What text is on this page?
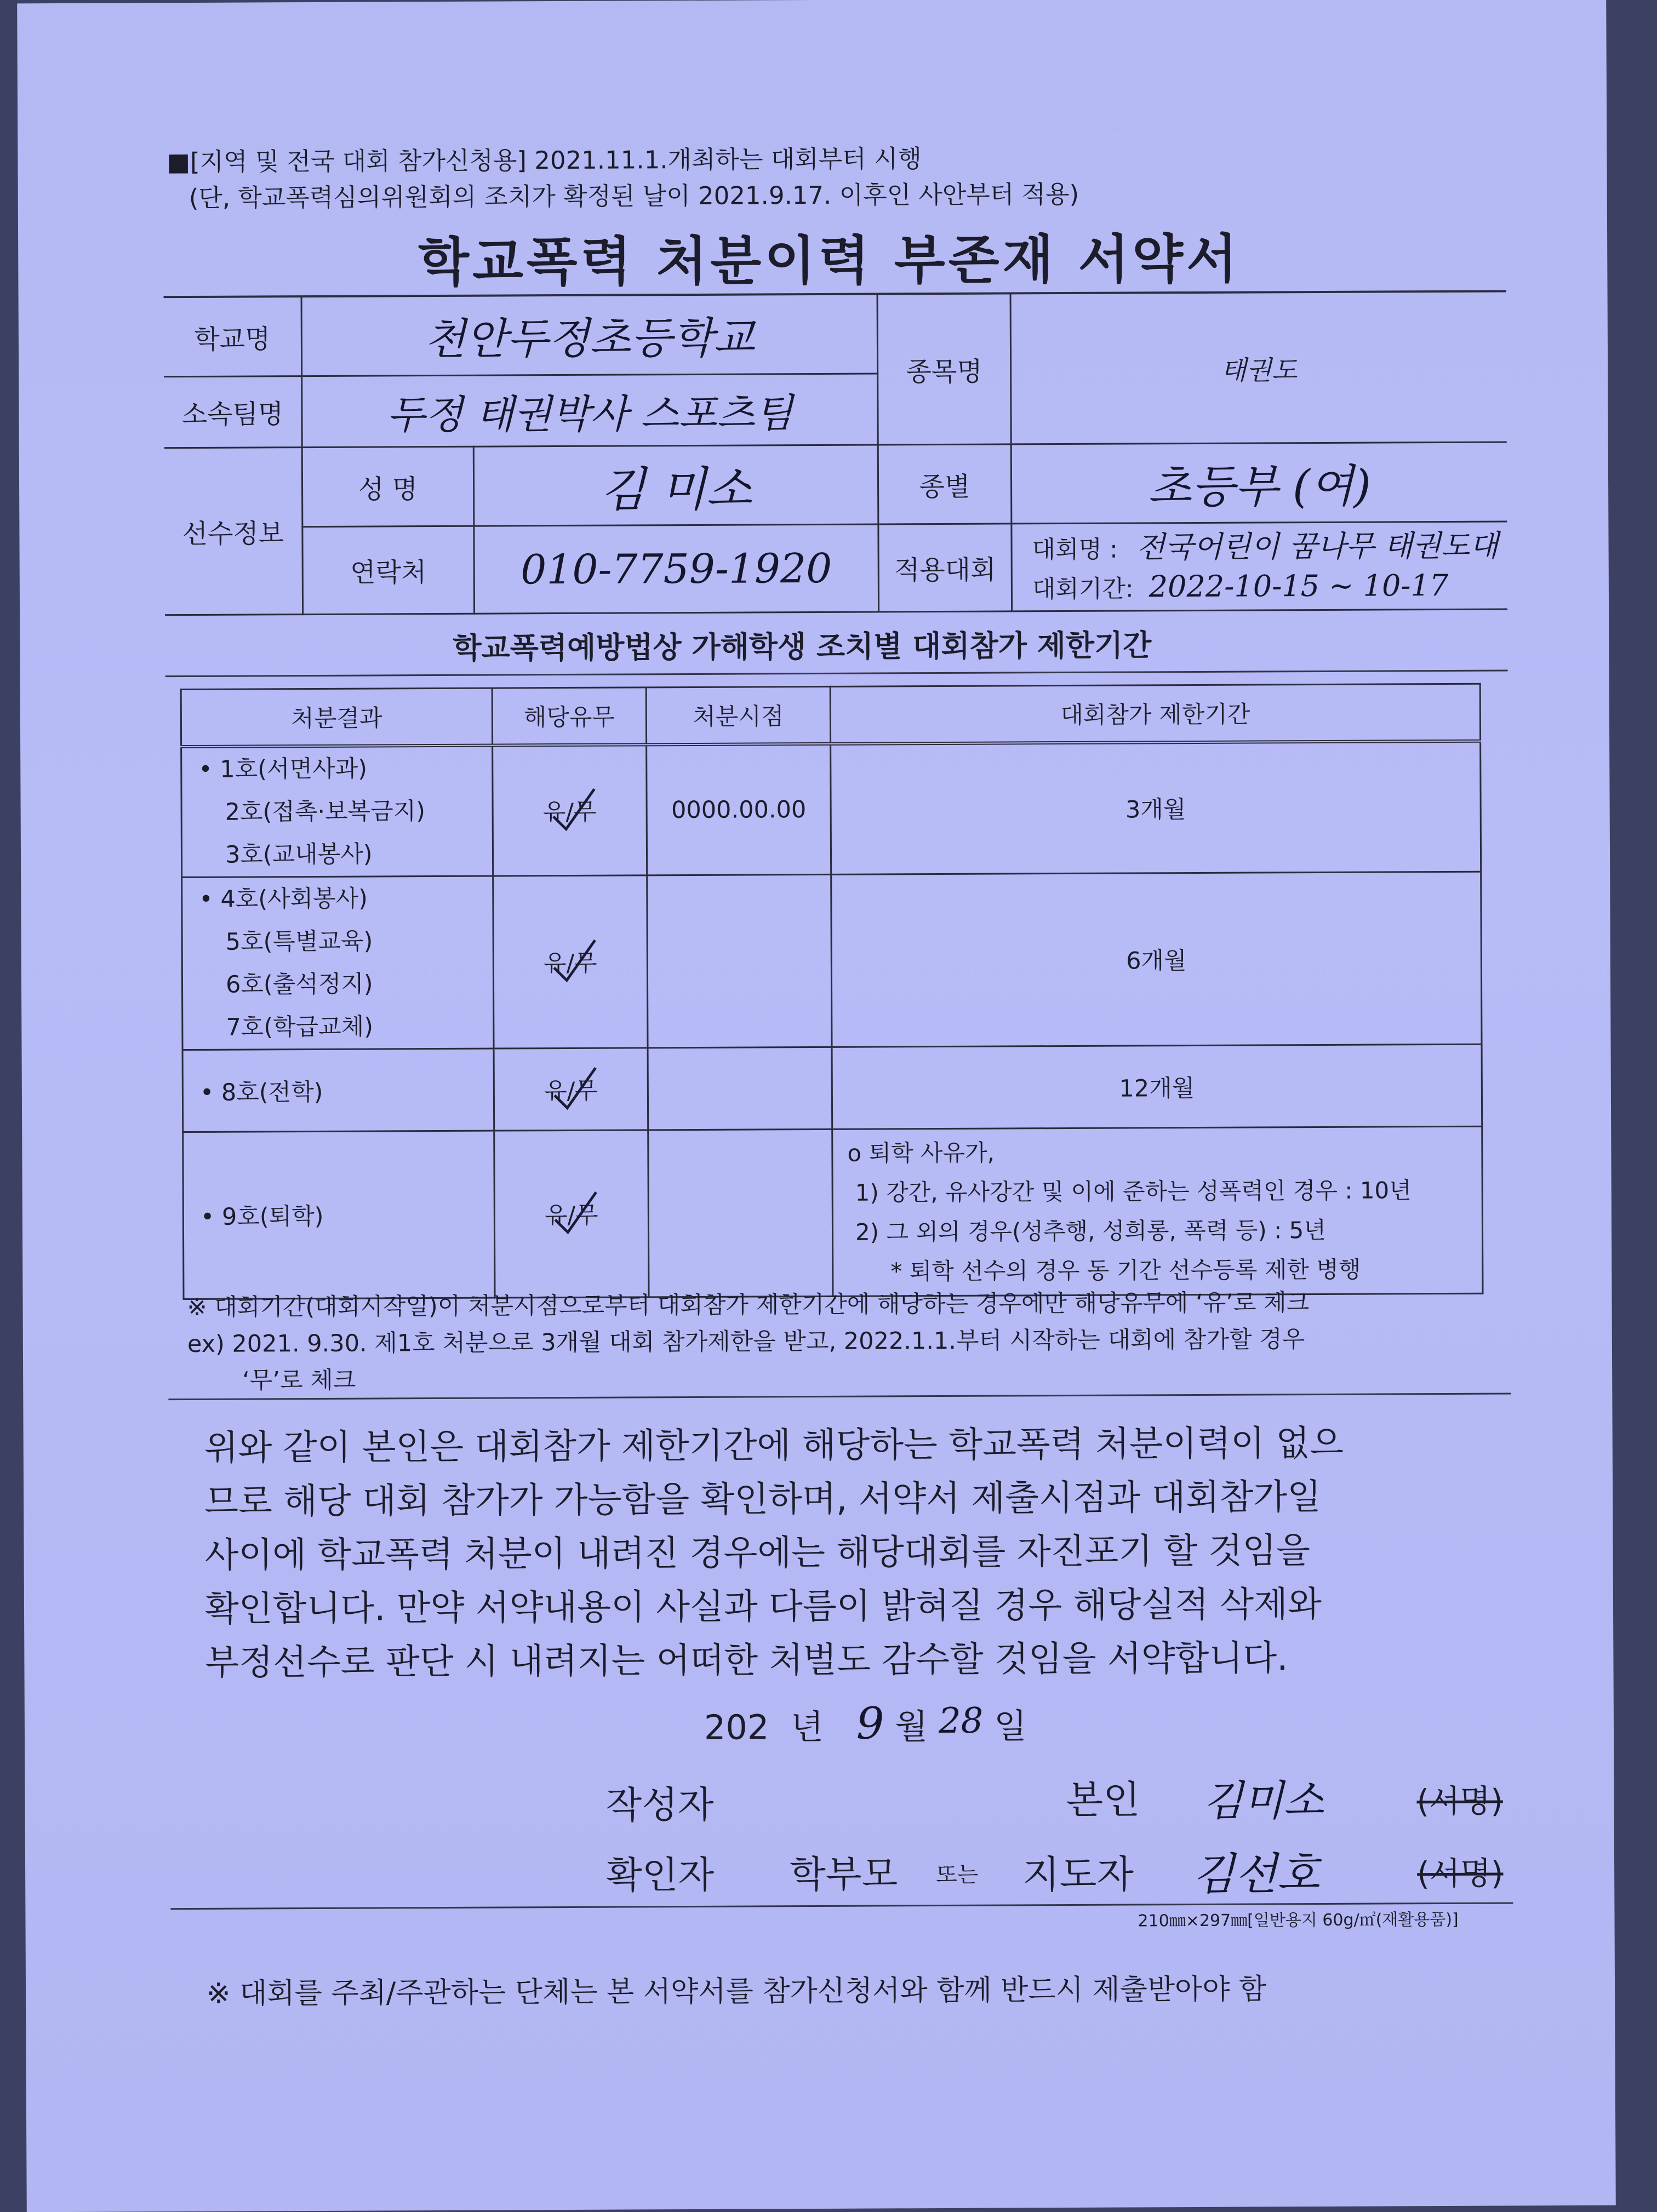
■[지역 및 전국 대회 참가신청용] 2021.11.1.개최하는 대회부터 시행
(단, 학교폭력심의위원회의 조치가 확정된 날이 2021.9.17. 이후인 사안부터 적용)
학교폭력 처분이력 부존재 서약서
학교명	천안두정초등학교		종목명	태권도
소속팀명	두정 태권박사 스포츠팀			
선수정보	성 명	김 미소	종별	초등부 (여)
	연락처	010-7759-1920	적용대회	대회명 : 전국어린이 꿈나무 태권도대회
대회기간: 2022-10-15 ~ 10-17
학교폭력예방법상 가해학생 조치별 대회참가 제한기간
처분결과	해당유무	처분시점	대회참가 제한기간

• 1호(서면사과)
2호(접촉·보복금지)
3호(교내봉사)	유/무	0000.00.00	3개월

• 4호(사회봉사)
5호(특별교육)
6호(출석정지)
7호(학급교체)	유/무		6개월

• 8호(전학)	유/무		12개월

• 9호(퇴학)	유/무		o 퇴학 사유가,
1) 강간, 유사강간 및 이에 준하는 성폭력인 경우 : 10년
2) 그 외의 경우(성추행, 성희롱, 폭력 등) : 5년
* 퇴학 선수의 경우 동 기간 선수등록 제한 병행
※ 대회기간(대회시작일)이 처분시점으로부터 대회참가 제한기간에 해당하는 경우에만 해당유무에 ‘유’로 체크
ex) 2021. 9.30. 제1호 처분으로 3개월 대회 참가제한을 받고, 2022.1.1.부터 시작하는 대회에 참가할 경우
‘무’로 체크
위와 같이 본인은 대회참가 제한기간에 해당하는 학교폭력 처분이력이 없으
므로 해당 대회 참가가 가능함을 확인하며, 서약서 제출시점과 대회참가일
사이에 학교폭력 처분이 내려진 경우에는 해당대회를 자진포기 할 것임을
확인합니다. 만약 서약내용이 사실과 다름이 밝혀질 경우 해당실적 삭제와
부정선수로 판단 시 내려지는 어떠한 처벌도 감수할 것임을 서약합니다.
202 년 9 월 28 일
작성자	본인 김미소	(서명)
확인자 학부모 또는 지도자 김선호	(서명)
210㎜×297㎜[일반용지 60g/㎡(재활용품)]
※ 대회를 주최/주관하는 단체는 본 서약서를 참가신청서와 함께 반드시 제출받아야 함
